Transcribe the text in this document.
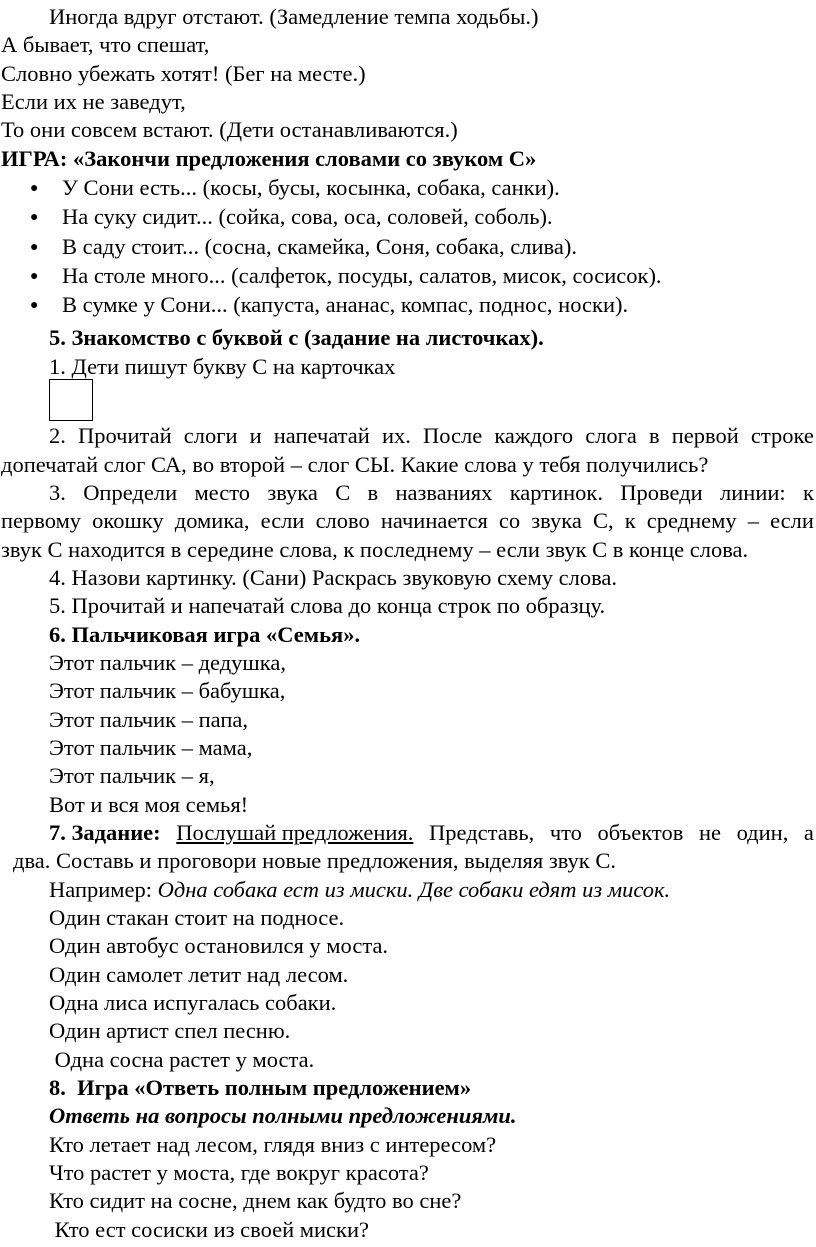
Иногда вдруг отстают. (Замедление темпа ходьбы.)

А бывает, что спешат,

Словно убежать хотят! (Бег на месте.)

Если их не заведут,

То они совсем встают. (Дети останавливаются.)

ИГРА: «Закончи предложения словами со звуком С»

● У Сони есть... (косы, бусы, косынка, собака, санки).

● На суку сидит... (сойка, сова, оса, соловей, соболь).

● В саду стоит... (сосна, скамейка, Соня, собака, слива).

● На столе много... (салфеток, посуды, салатов, мисок, сосисок).

● В сумке у Сони... (капуста, ананас, компас, поднос, носки).

5. Знакомство с буквой с (задание на листочках).

1. Дети пишут букву С на карточках

2. Прочитай слоги и напечатай их. После каждого слога в первой строке

допечатай слог СА, во второй – слог СЫ. Какие слова у тебя получились?

3. Определи место звука С в названиях картинок. Проведи линии: к

первому окошку домика, если слово начинается со звука С, к среднему – если

звук С находится в середине слова, к последнему – если звук С в конце слова.

4. Назови картинку. (Сани) Раскрась звуковую схему слова.

5. Прочитай и напечатай слова до конца строк по образцу.

6. Пальчиковая игра «Семья».

Этот пальчик – дедушка,

Этот пальчик – бабушка,

Этот пальчик – папа,

Этот пальчик – мама,

Этот пальчик – я,

Вот и вся моя семья!

7. Задание: Послушай предложения. Представь, что объектов не один, а

два. Составь и проговори новые предложения, выделяя звук С.

Например: Одна собака ест из миски. Две собаки едят из мисок.

Один стакан стоит на подносе.

Один автобус остановился у моста.

Один самолет летит над лесом.

Одна лиса испугалась собаки.

Один артист спел песню.

Одна сосна растет у моста.

8.  Игра «Ответь полным предложением»

Ответь на вопросы полными предложениями.

Кто летает над лесом, глядя вниз с интересом?

Что растет у моста, где вокруг красота?

Кто сидит на сосне, днем как будто во сне?

Кто ест сосиски из своей миски?
